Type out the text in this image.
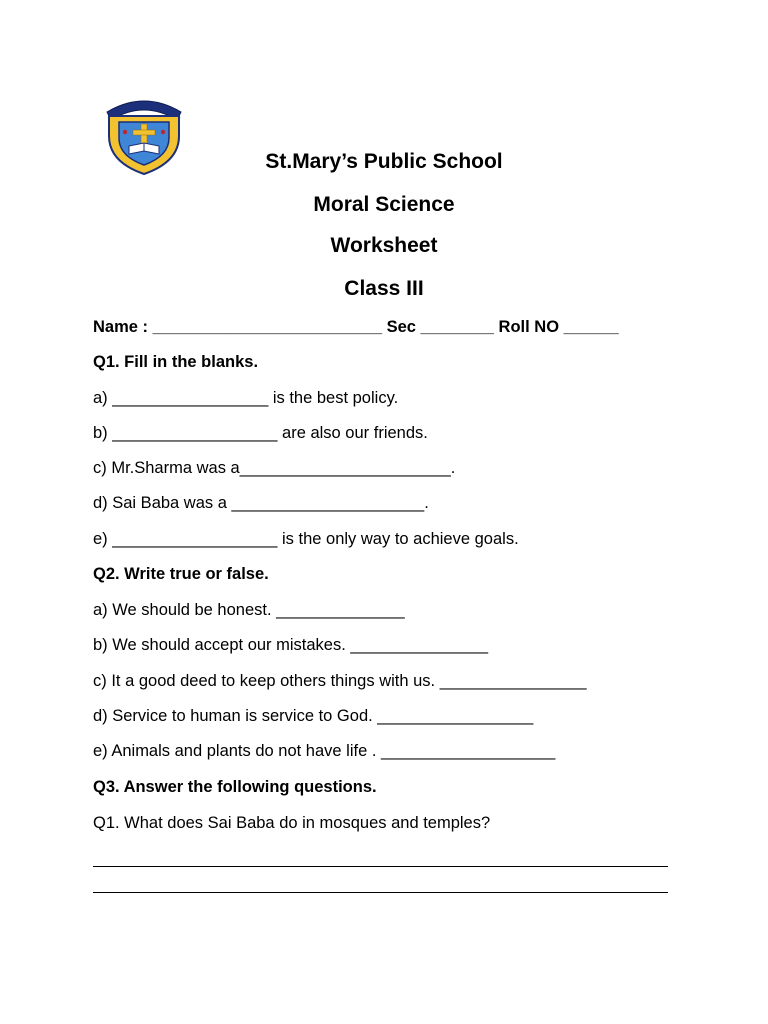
St.Mary’s Public School
Moral Science
Worksheet
Class III
Name : _________________________ Sec ________ Roll NO ______
Q1. Fill in the blanks.
a) _________________ is the best policy.
b) __________________ are also our friends.
c) Mr.Sharma was a_______________________.
d) Sai Baba was a _____________________.
e) __________________ is the only way to achieve goals.
Q2. Write true or false.
a) We should be honest. ______________
b) We should accept our mistakes. _______________
c) It a good deed to keep others things with us. ________________
d) Service to human is service to God. _________________
e) Animals and plants do not have life . ___________________
Q3. Answer the following questions.
Q1. What does Sai Baba do in mosques and temples?
